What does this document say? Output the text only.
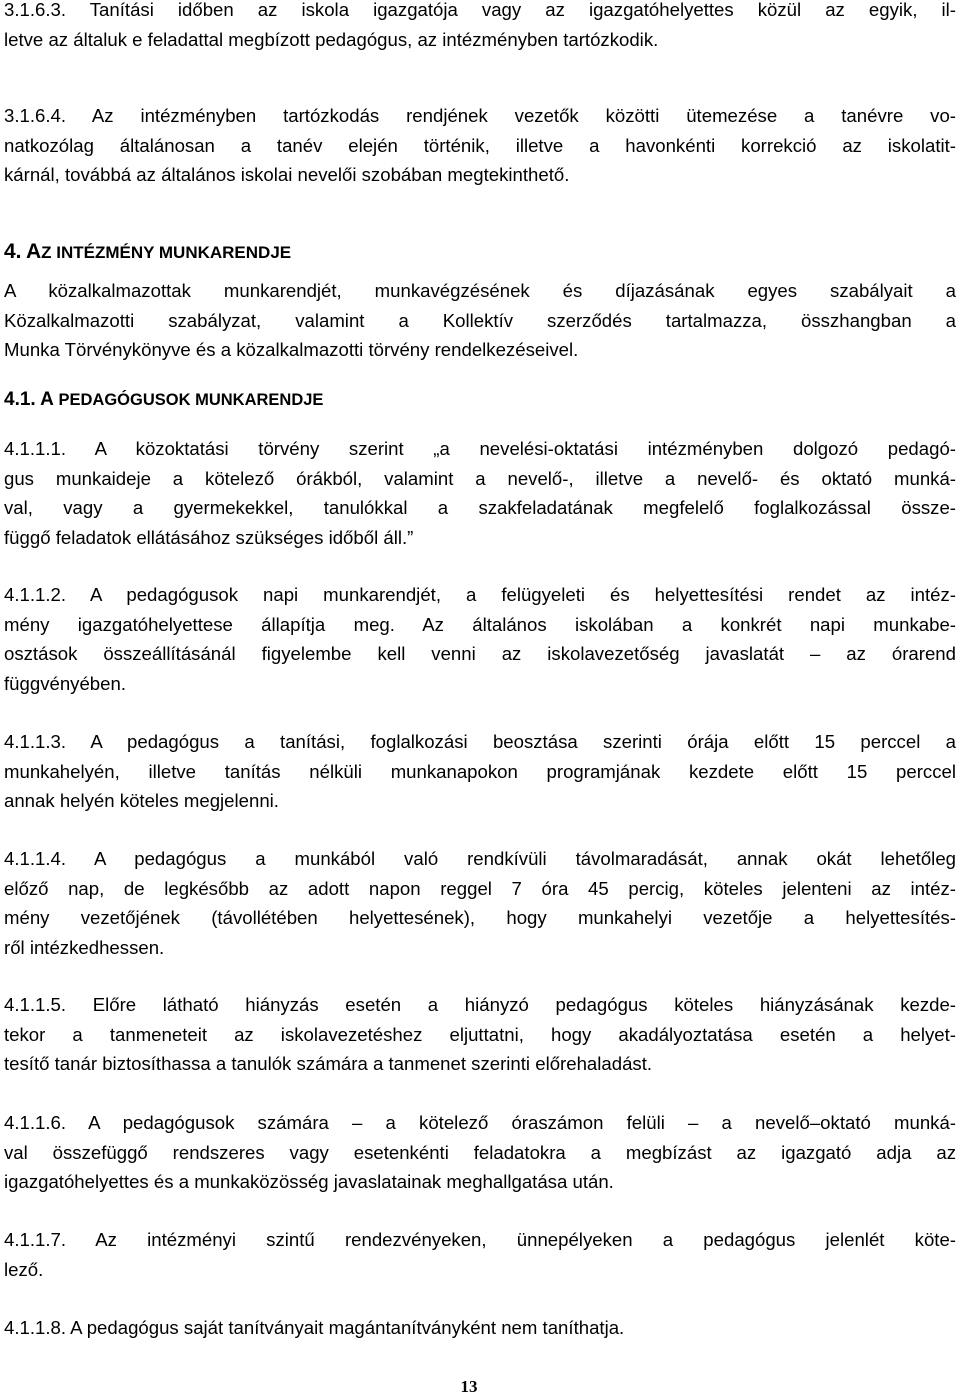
3.1.6.3. Tanítási időben az iskola igazgatója vagy az igazgatóhelyettes közül az egyik, il-
letve az általuk e feladattal megbízott pedagógus, az intézményben tartózkodik.

3.1.6.4. Az intézményben tartózkodás rendjének vezetők közötti ütemezése a tanévre vo-
natkozólag általánosan a tanév elején történik, illetve a havonkénti korrekció az iskolatit-
kárnál, továbbá az általános iskolai nevelői szobában megtekinthető.

4. AZ INTÉZMÉNY MUNKARENDJE

A közalkalmazottak munkarendjét, munkavégzésének és díjazásának egyes szabályait a
Közalkalmazotti szabályzat, valamint a Kollektív szerződés tartalmazza, összhangban a
Munka Törvénykönyve és a közalkalmazotti törvény rendelkezéseivel.

4.1. A PEDAGÓGUSOK MUNKARENDJE

4.1.1.1. A közoktatási törvény szerint „a nevelési-oktatási intézményben dolgozó pedagó-
gus munkaideje a kötelező órákból, valamint a nevelő-, illetve a nevelő- és oktató munká-
val, vagy a gyermekekkel, tanulókkal a szakfeladatának megfelelő foglalkozással össze-
függő feladatok ellátásához szükséges időből áll.”

4.1.1.2. A pedagógusok napi munkarendjét, a felügyeleti és helyettesítési rendet az intéz-
mény igazgatóhelyettese állapítja meg. Az általános iskolában a konkrét napi munkabe-
osztások összeállításánál figyelembe kell venni az iskolavezetőség javaslatát – az órarend
függvényében.

4.1.1.3. A pedagógus a tanítási, foglalkozási beosztása szerinti órája előtt 15 perccel a
munkahelyén, illetve tanítás nélküli munkanapokon programjának kezdete előtt 15 perccel
annak helyén köteles megjelenni.

4.1.1.4. A pedagógus a munkából való rendkívüli távolmaradását, annak okát lehetőleg
előző nap, de legkésőbb az adott napon reggel 7 óra 45 percig, köteles jelenteni az intéz-
mény vezetőjének (távollétében helyettesének), hogy munkahelyi vezetője a helyettesítés-
ről intézkedhessen.

4.1.1.5. Előre látható hiányzás esetén a hiányzó pedagógus köteles hiányzásának kezde-
tekor a tanmeneteit az iskolavezetéshez eljuttatni, hogy akadályoztatása esetén a helyet-
tesítő tanár biztosíthassa a tanulók számára a tanmenet szerinti előrehaladást.

4.1.1.6. A pedagógusok számára – a kötelező óraszámon felüli – a nevelő–oktató munká-
val összefüggő rendszeres vagy esetenkénti feladatokra a megbízást az igazgató adja az
igazgatóhelyettes és a munkaközösség javaslatainak meghallgatása után.

4.1.1.7. Az intézményi szintű rendezvényeken, ünnepélyeken a pedagógus jelenlét köte-
lező.

4.1.1.8. A pedagógus saját tanítványait magántanítványként nem taníthatja.

13
